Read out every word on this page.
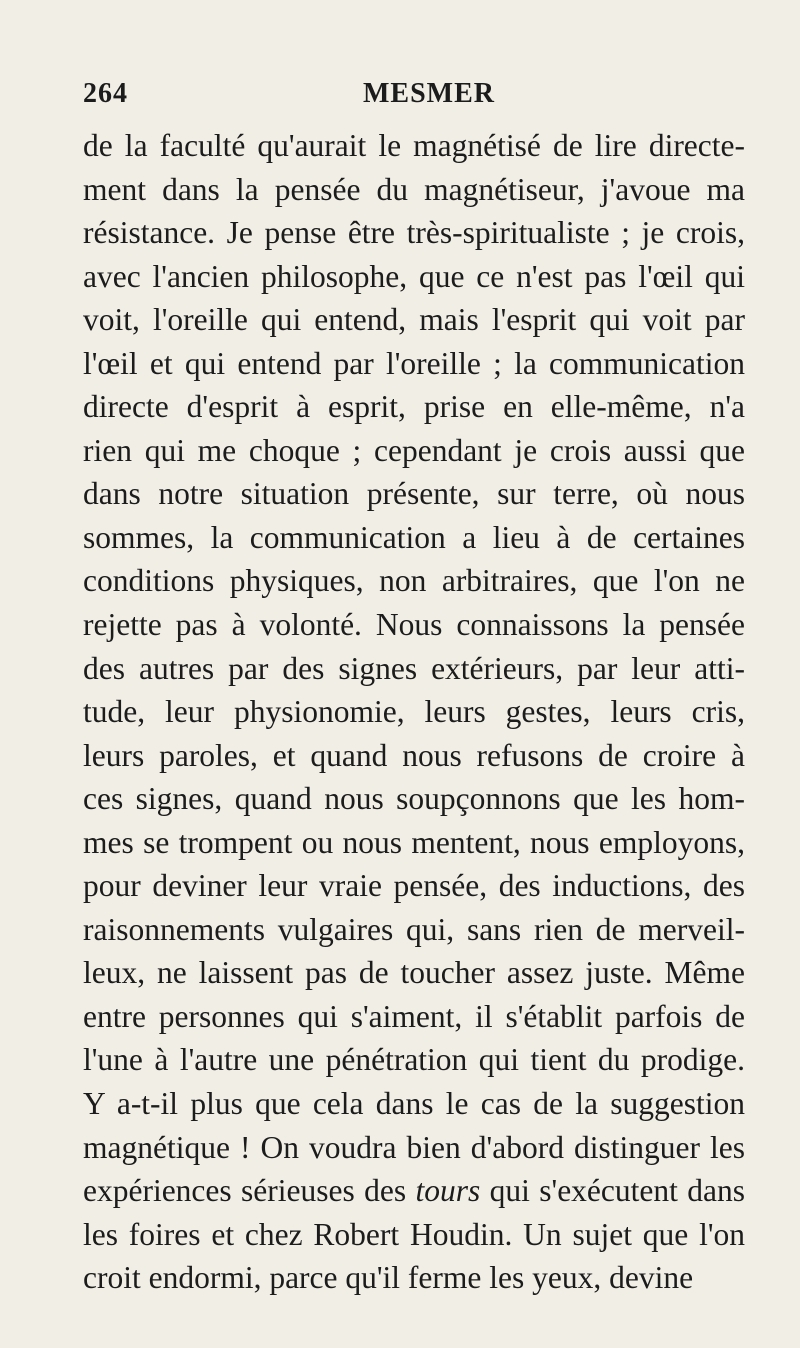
264	MESMER
de la faculté qu'aurait le magnétisé de lire directe-
ment dans la pensée du magnétiseur, j'avoue ma
résistance. Je pense être très-spiritualiste ; je crois,
avec l'ancien philosophe, que ce n'est pas l'œil qui
voit, l'oreille qui entend, mais l'esprit qui voit par
l'œil et qui entend par l'oreille ; la communication
directe d'esprit à esprit, prise en elle-même, n'a
rien qui me choque ; cependant je crois aussi que
dans notre situation présente, sur terre, où nous
sommes, la communication a lieu à de certaines
conditions physiques, non arbitraires, que l'on ne
rejette pas à volonté. Nous connaissons la pensée
des autres par des signes extérieurs, par leur atti-
tude, leur physionomie, leurs gestes, leurs cris,
leurs paroles, et quand nous refusons de croire à
ces signes, quand nous soupçonnons que les hom-
mes se trompent ou nous mentent, nous employons,
pour deviner leur vraie pensée, des inductions, des
raisonnements vulgaires qui, sans rien de merveil-
leux, ne laissent pas de toucher assez juste. Même
entre personnes qui s'aiment, il s'établit parfois de
l'une à l'autre une pénétration qui tient du prodige.
Y a-t-il plus que cela dans le cas de la suggestion
magnétique ! On voudra bien d'abord distinguer les
expériences sérieuses des tours qui s'exécutent dans
les foires et chez Robert Houdin. Un sujet que l'on
croit endormi, parce qu'il ferme les yeux, devine
